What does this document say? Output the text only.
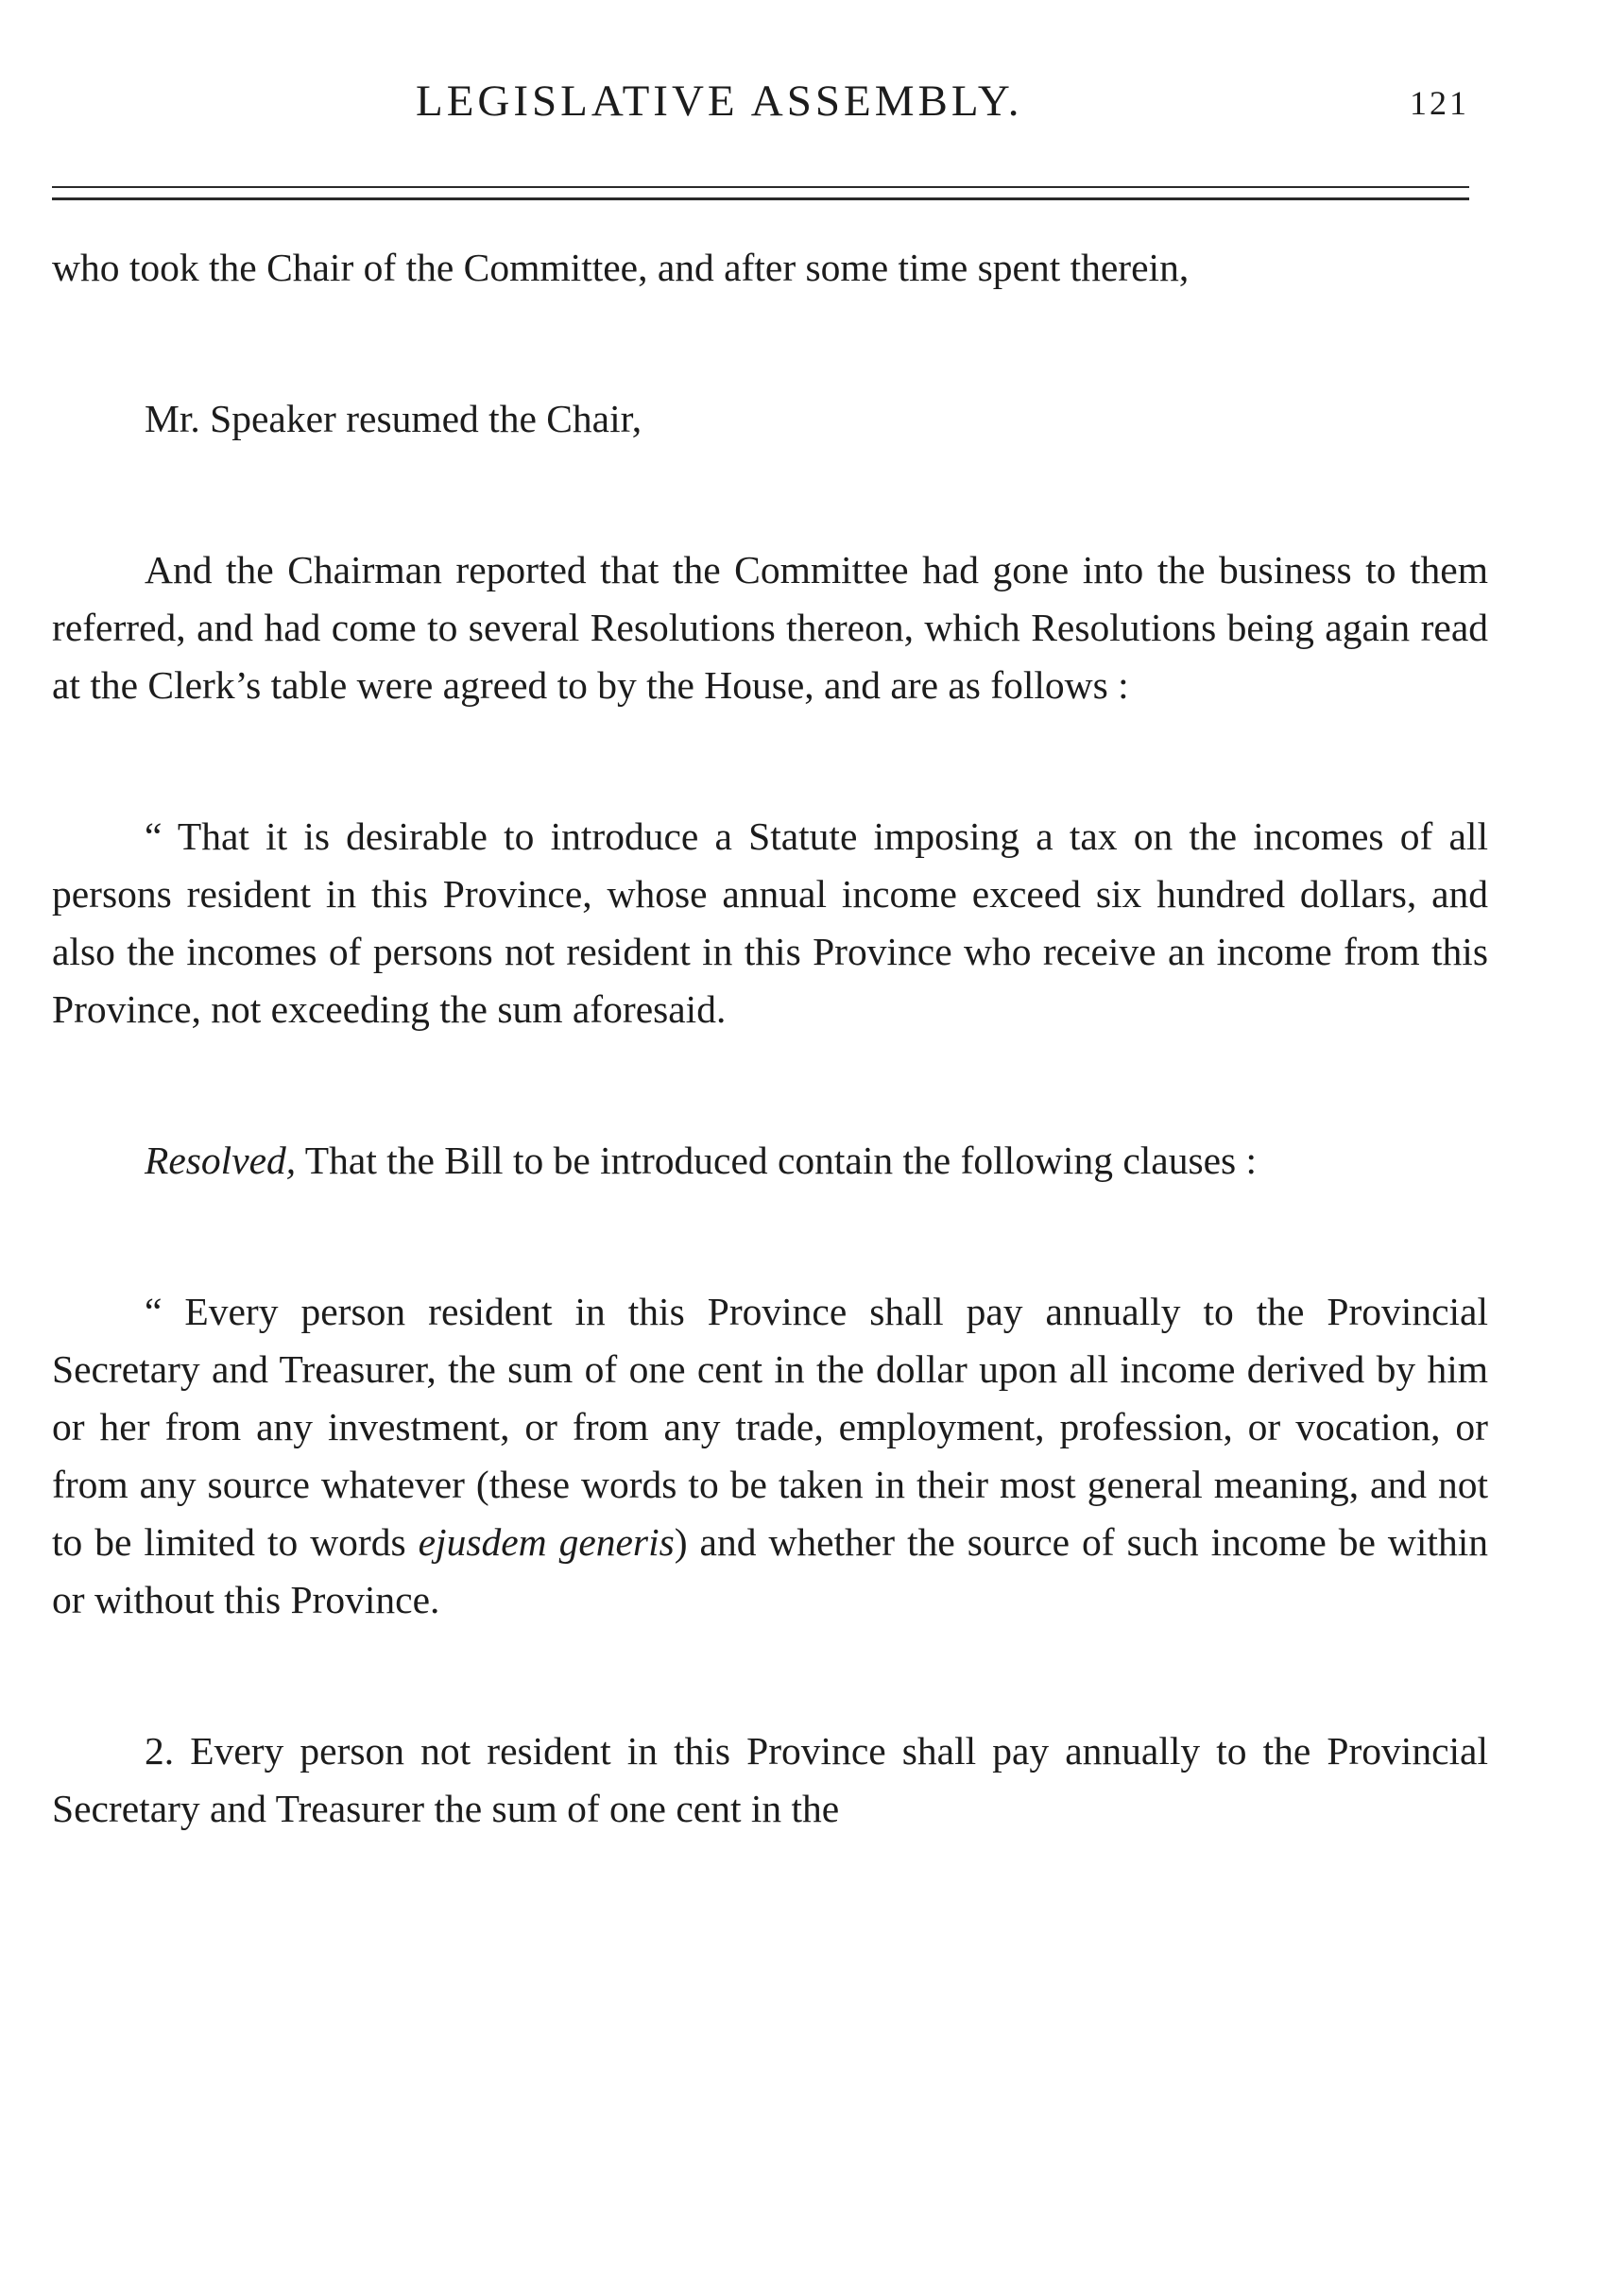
LEGISLATIVE ASSEMBLY.	121

who took the Chair of the Committee, and after some time spent therein,

Mr. Speaker resumed the Chair,

And the Chairman reported that the Committee had gone into the business to them referred, and had come to several Resolutions thereon, which Resolutions being again read at the Clerk’s table were agreed to by the House, and are as follows :

“ That it is desirable to introduce a Statute imposing a tax on the incomes of all persons resident in this Province, whose annual income exceed six hundred dollars, and also the incomes of persons not resident in this Province who receive an income from this Province, not exceeding the sum aforesaid.

Resolved, That the Bill to be introduced contain the following clauses :

“ Every person resident in this Province shall pay annually to the Provincial Secretary and Treasurer, the sum of one cent in the dollar upon all income derived by him or her from any investment, or from any trade, employment, profession, or vocation, or from any source whatever (these words to be taken in their most general meaning, and not to be limited to words ejusdem generis) and whether the source of such income be within or without this Province.

2. Every person not resident in this Province shall pay annually to the Provincial Secretary and Treasurer the sum of one cent in the
